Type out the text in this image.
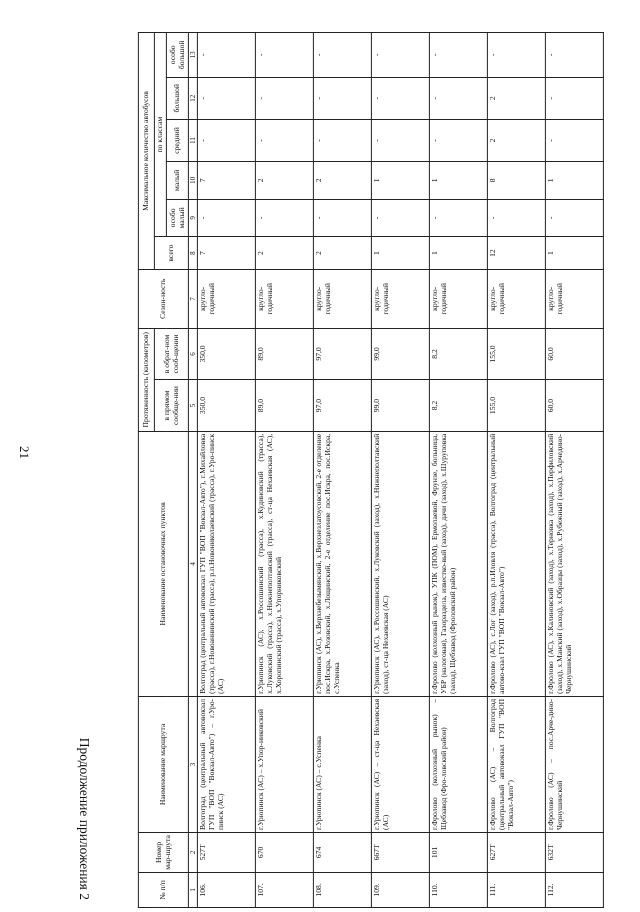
21
Продолжение приложения 2	№ п/п	Номер мар-шрута	Наименование маршрута	Наименование остановочных пунктов	Протяженность (километров)		Сезон-ность	Максимальное количество автобусов					
				в прямом сообще-нии	в обрат-ном сооб-щении		всего	по классам				
								особо малый	малый	средний	большой	особо большой
1	2	3	4	5	6	7	8	9	10	11	12	13
106.	527Т	Волгоград (центральный автовокзал ГУП "ВОП "Вокзал-Авто") – г.Уро-пинск (АС)	Волгоград (центральный автовокзал ГУП "ВОП "Вокзал-Авто"), г.Михайловка (трасса), г.Новоаннинский (трасса), р.п.Новониколаевский (трасса), г.Уро-пинск (АС)	350,0	350,0	кругло-годичный	7	-	7	-	-	-
107.	670	г.Урюпинск (АС) – х.Упор-никовский	г.Урюпинск (АС), х.Россошинский (трасса), х.Кудиновский (трасса), х.Луковский (трасса), х.Нижнеполтавский (трасса), ст-ца Нехаевская (АС), х.Хоропинский (трасса), х.Упорниковский	89,0	89,0	кругло-годичный	2	-	2	-	-	-
108.	674	г.Урюпинск (АС) – с.Успенка	г.Урюпинск (АС), х.Верхнебезымянский, х.Верхнезлатоусовский, 2-е отделение пос.Искра, х.Розовский, х.Лощинский, 2-е отделение пос.Искра, пос.Искра, с.Успенка	97,0	97,0	кругло-годичный	2	-	2	-	-	-
109.	667Т	г.Урюпинск (АС) – ст-ца Нехаевская (АС)	г.Урюпинск (АС), х.Россошинский, х.Луковский (заход), х.Нижнеполтавский (заход), ст-ца Нехаевская (АС)	99,0	99,0	кругло-годичный	1	-	1	-	-	-
110.	101	г.Фролово (колхозный рынок) – Щебзавод (Фро-ловский район)	г.Фролово (колхозный рынок), УПК (ПОМ), Ермолаевой, Фрунзе, больница, УБР (налоговая), Газораздела, известко-вый (заход), дачи (заход), х.Шуруповка (заход), Щебзавод (Фроловский район)	8,2	8,2	кругло-годичный	1	-	1	-	-	-
111.	627Т	г.Фролово (АС) – Волгоград (центральный автовокзал ГУП "ВОП "Вокзал-Авто")	г.Фролово (АС), с.Лог (заход), р.п.Иловля (трасса), Волгоград (центральный автово-кзал ГУП "ВОП "Вокзал-Авто")	155,0	155,0	кругло-годичный	12	-	8	2	2	-
112.	632Т	г.Фролово (АС) – пос.Арче-дино-Чернушинский	г.Фролово (АС), х.Калиновский (заход), х.Терновка (заход), х.Перфиловский (заход), х.Манский (заход), х.Образцы (заход), х.Рубежный (заход), х.Арчедино-Чернушинский	60,0	60,0	кругло-годичный	1	-	1	-	-	-
